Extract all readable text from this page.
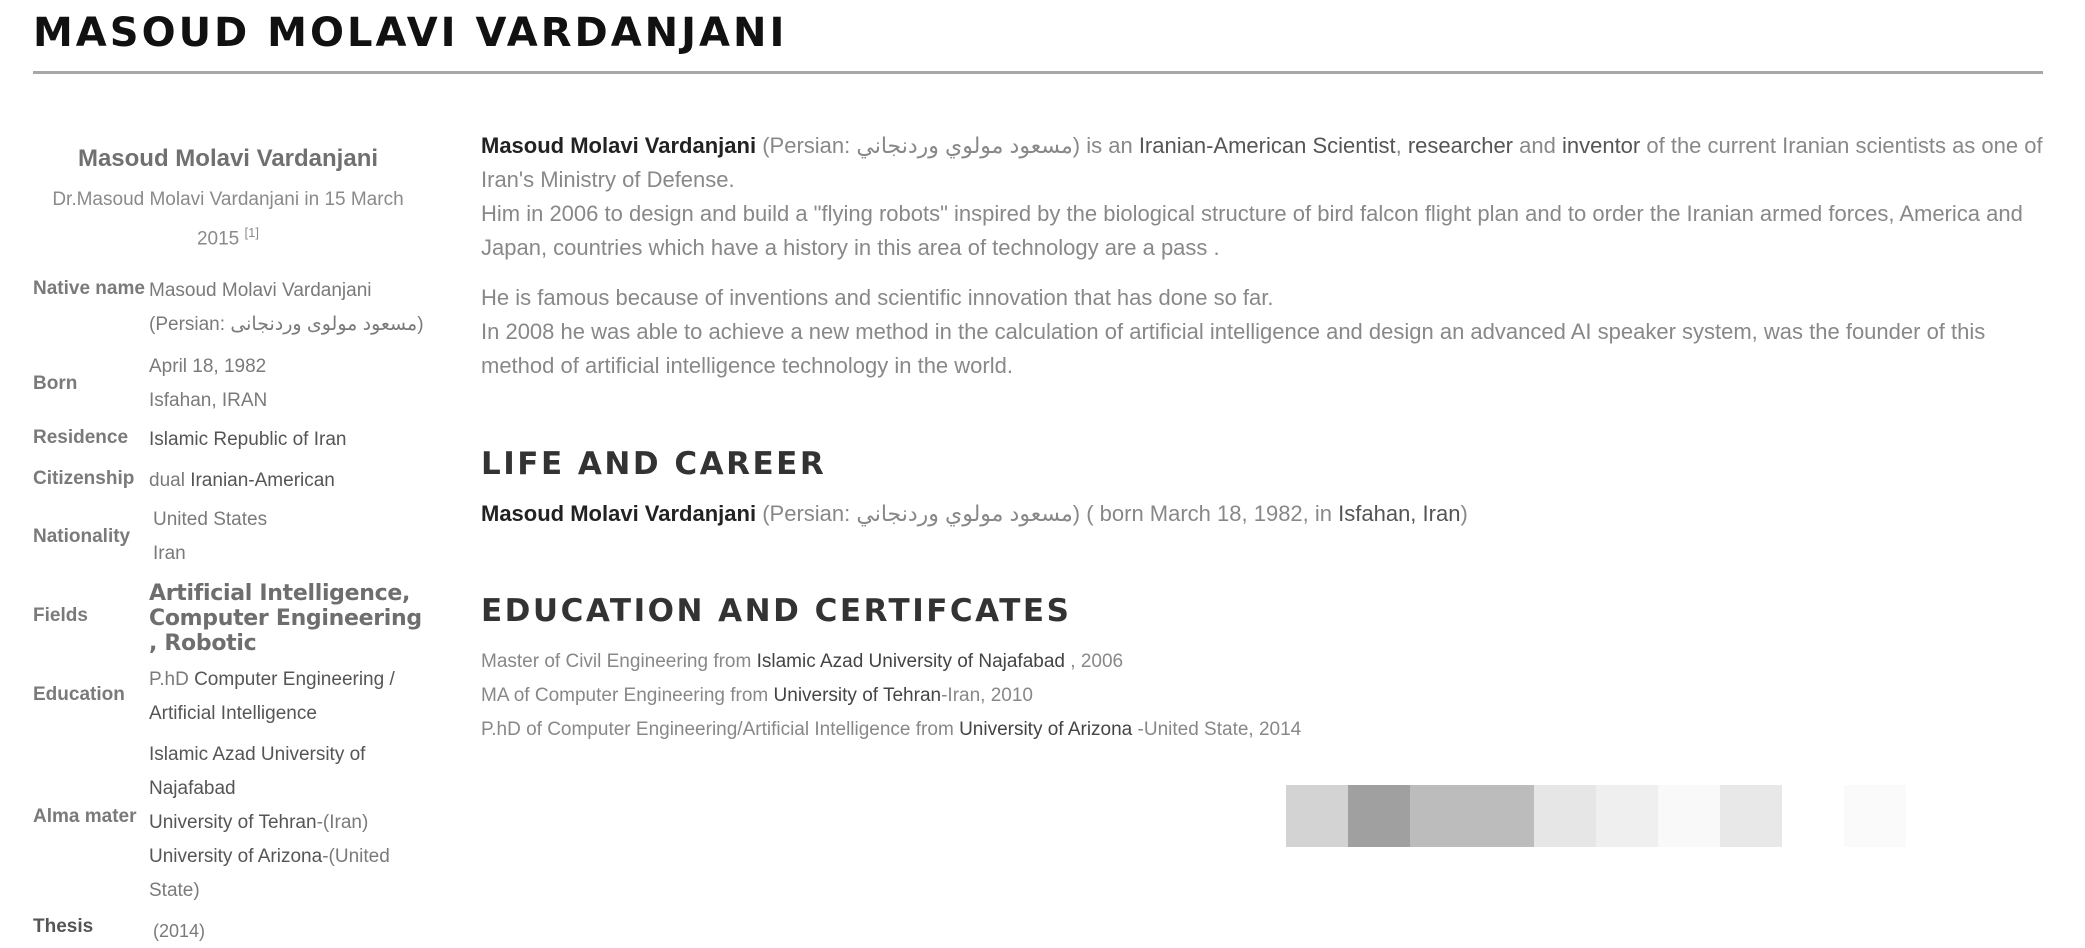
MASOUD MOLAVI VARDANJANI
Masoud Molavi Vardanjani
Dr.Masoud Molavi Vardanjani in 15 March 2015 [1]
Native name Masoud Molavi Vardanjani
(Persian: مسعود مولوی وردنجانی)
Born
April 18, 1982
Isfahan, IRAN
Residence	Islamic Republic of Iran
Citizenship dual Iranian-American
Nationality
United States
Iran
Fields
Artificial Intelligence, Computer Engineering , Robotic
Education
P.hD Computer Engineering / Artificial Intelligence
Alma mater
Islamic Azad University of Najafabad
University of Tehran-(Iran)
University of Arizona-(United State)
Thesis	(2014)

Masoud Molavi Vardanjani (Persian: مسعود مولوي وردنجاني) is an Iranian-American Scientist, researcher and inventor of the current Iranian scientists as one of Iran's Ministry of Defense.
Him in 2006 to design and build a "flying robots" inspired by the biological structure of bird falcon flight plan and to order the Iranian armed forces, America and Japan, countries which have a history in this area of technology are a pass .

He is famous because of inventions and scientific innovation that has done so far.
In 2008 he was able to achieve a new method in the calculation of artificial intelligence and design an advanced AI speaker system, was the founder of this method of artificial intelligence technology in the world.

LIFE AND CAREER

Masoud Molavi Vardanjani (Persian: مسعود مولوي وردنجاني) ( born March 18, 1982, in Isfahan, Iran)

EDUCATION AND CERTIFCATES
Master of Civil Engineering from Islamic Azad University of Najafabad , 2006
MA of Computer Engineering from University of Tehran-Iran, 2010
P.hD of Computer Engineering/Artificial Intelligence from University of Arizona -United State, 2014
